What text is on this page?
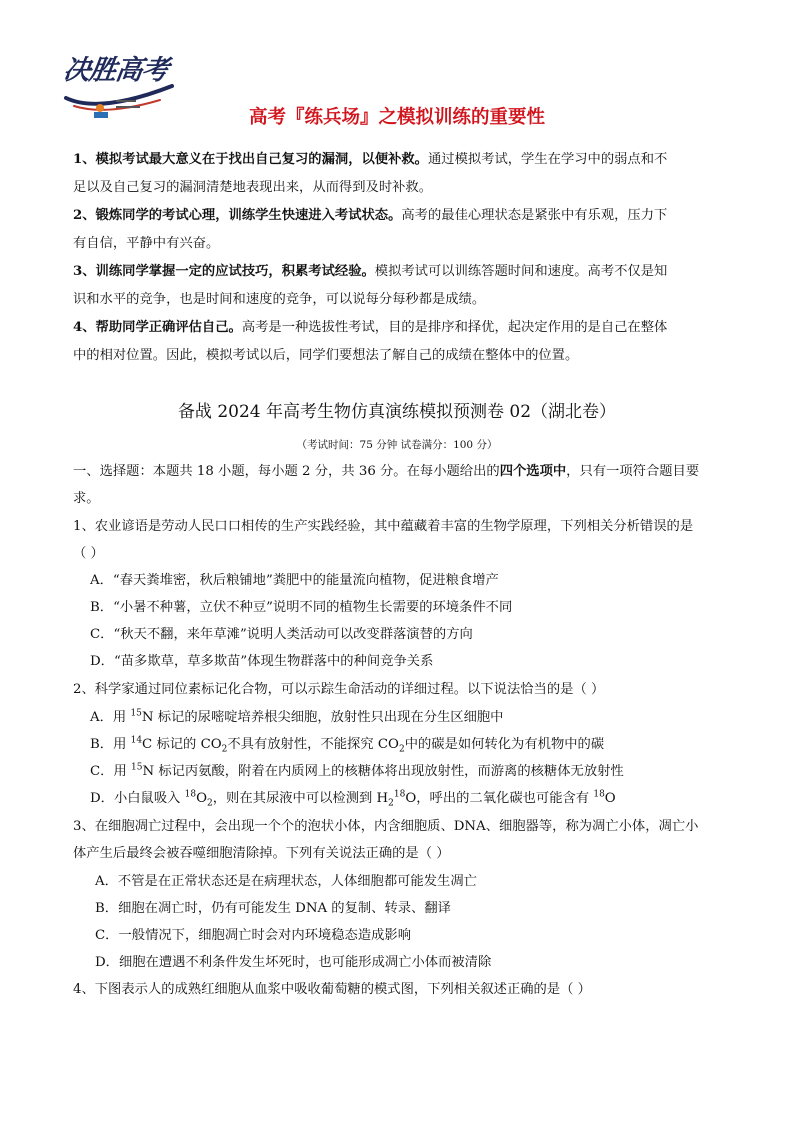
决胜高考
高考『练兵场』之模拟训练的重要性
1、模拟考试最大意义在于找出自己复习的漏洞，以便补救。通过模拟考试，学生在学习中的弱点和不
足以及自己复习的漏洞清楚地表现出来，从而得到及时补救。
2、锻炼同学的考试心理，训练学生快速进入考试状态。高考的最佳心理状态是紧张中有乐观，压力下
有自信，平静中有兴奋。
3、训练同学掌握一定的应试技巧，积累考试经验。模拟考试可以训练答题时间和速度。高考不仅是知
识和水平的竞争，也是时间和速度的竞争，可以说每分每秒都是成绩。
4、帮助同学正确评估自己。高考是一种选拔性考试，目的是排序和择优，起决定作用的是自己在整体
中的相对位置。因此，模拟考试以后，同学们要想法了解自己的成绩在整体中的位置。
备战 2024 年高考生物仿真演练模拟预测卷 02（湖北卷）
（考试时间：75 分钟 试卷满分：100 分）
一、选择题：本题共 18 小题，每小题 2 分，共 36 分。在每小题给出的四个选项中，只有一项符合题目要
求。
1、农业谚语是劳动人民口口相传的生产实践经验，其中蕴藏着丰富的生物学原理，下列相关分析错误的是
（ ）
A．“春天粪堆密，秋后粮铺地”粪肥中的能量流向植物，促进粮食增产
B．“小暑不种薯，立伏不种豆”说明不同的植物生长需要的环境条件不同
C．“秋天不翻，来年草滩”说明人类活动可以改变群落演替的方向
D．“苗多欺草，草多欺苗”体现生物群落中的种间竞争关系
2、科学家通过同位素标记化合物，可以示踪生命活动的详细过程。以下说法恰当的是（ ）
A．用 $^{15}$N 标记的尿嘧啶培养根尖细胞，放射性只出现在分生区细胞中
B．用 $^{14}$C 标记的 $CO_2$不具有放射性，不能探究 $CO_2$中的碳是如何转化为有机物中的碳
C．用 $^{15}$N 标记丙氨酸，附着在内质网上的核糖体将出现放射性，而游离的核糖体无放射性
D．小白鼠吸入 $^{18}O_2$，则在其尿液中可以检测到 $H_2^{18}O$，呼出的二氧化碳也可能含有 $^{18}$O
3、在细胞凋亡过程中，会出现一个个的泡状小体，内含细胞质、DNA、细胞器等，称为凋亡小体，凋亡小
体产生后最终会被吞噬细胞清除掉。下列有关说法正确的是（ ）
A．不管是在正常状态还是在病理状态，人体细胞都可能发生凋亡
B．细胞在凋亡时，仍有可能发生 DNA 的复制、转录、翻译
C．一般情况下，细胞凋亡时会对内环境稳态造成影响
D．细胞在遭遇不利条件发生坏死时，也可能形成凋亡小体而被清除
4、下图表示人的成熟红细胞从血浆中吸收葡萄糖的模式图，下列相关叙述正确的是（ ）
